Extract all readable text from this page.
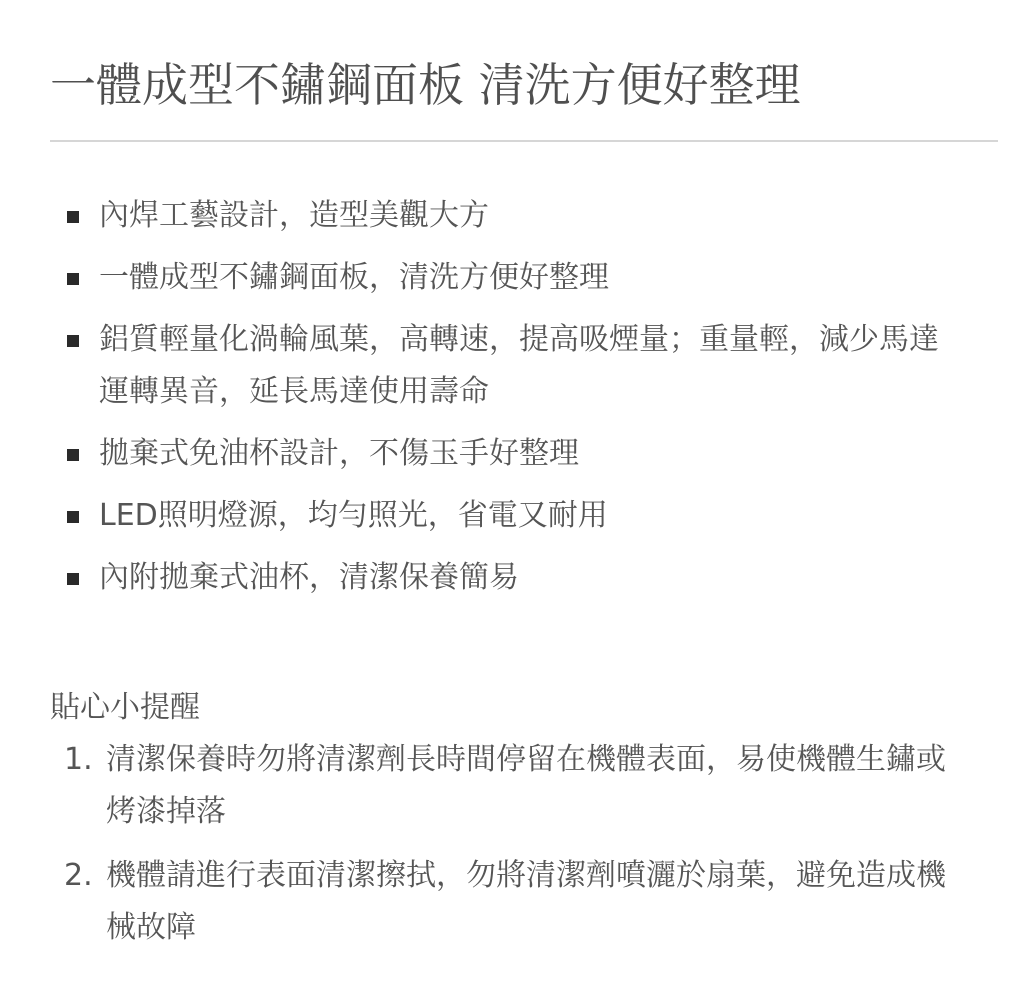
一體成型不鏽鋼面板 清洗方便好整理
內焊工藝設計，造型美觀大方
一體成型不鏽鋼面板，清洗方便好整理
鋁質輕量化渦輪風葉，高轉速，提高吸煙量；重量輕，減少馬達運轉異音，延長馬達使用壽命
拋棄式免油杯設計，不傷玉手好整理
LED照明燈源，均勻照光，省電又耐用
內附拋棄式油杯，清潔保養簡易
貼心小提醒
1. 清潔保養時勿將清潔劑長時間停留在機體表面，易使機體生鏽或烤漆掉落
2. 機體請進行表面清潔擦拭，勿將清潔劑噴灑於扇葉，避免造成機械故障
